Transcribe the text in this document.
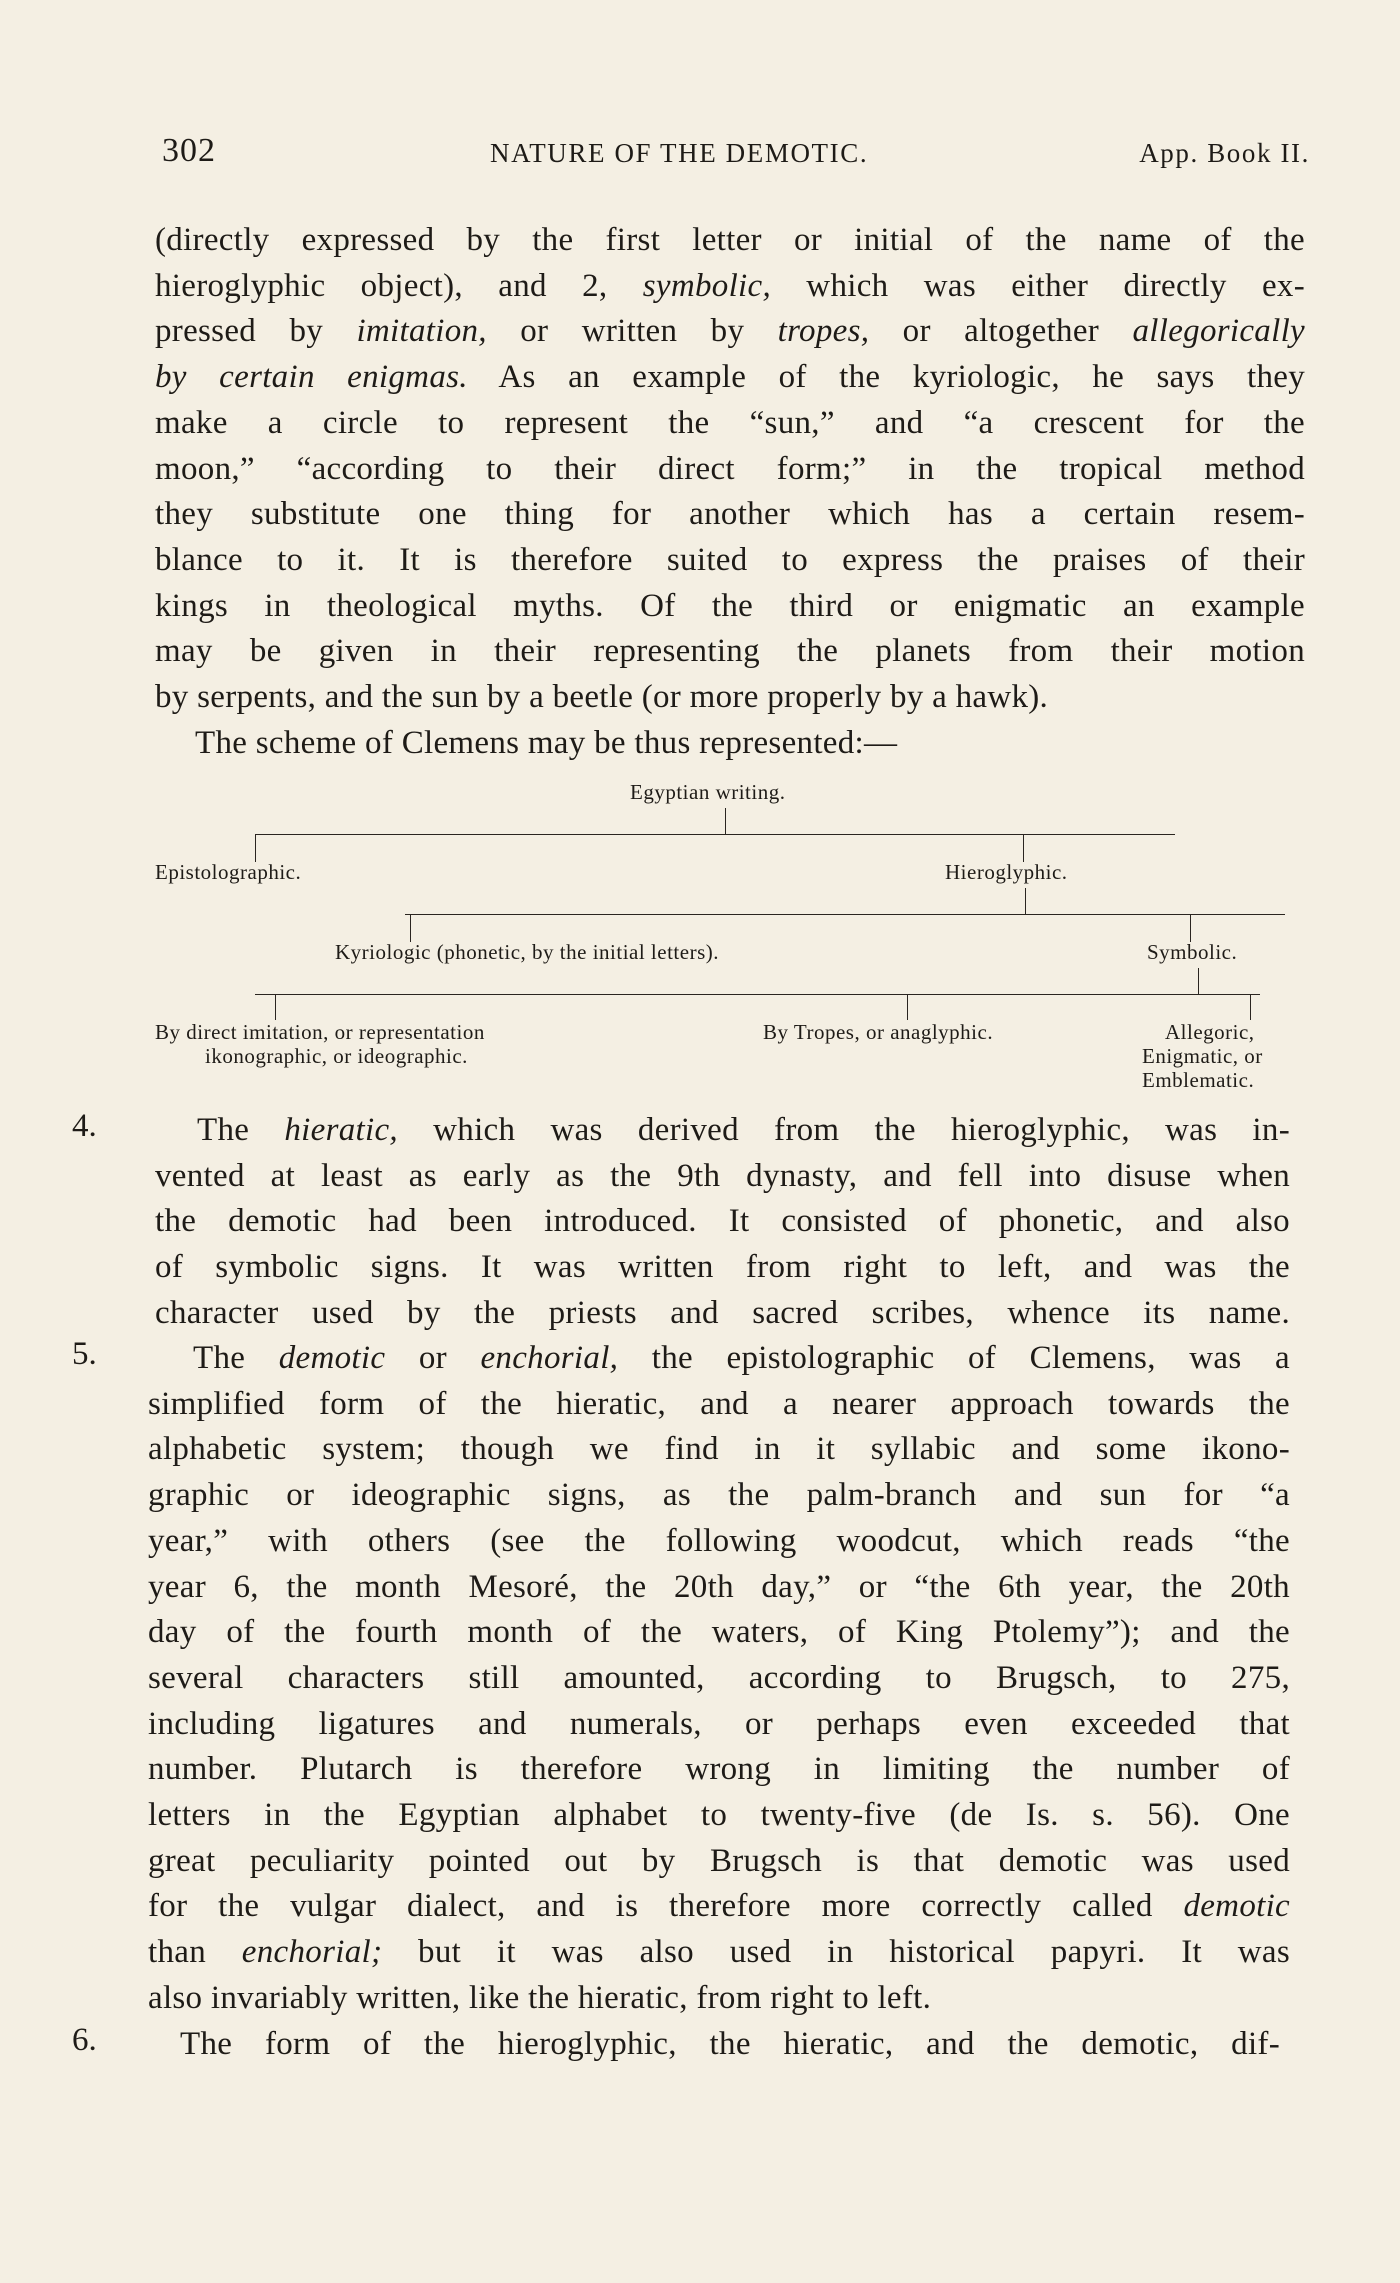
302	NATURE OF THE DEMOTIC.	App. Book II.
(directly expressed by the first letter or initial of the name of the
hieroglyphic object), and 2, symbolic, which was either directly ex-
pressed by imitation, or written by tropes, or altogether allegorically
by certain enigmas. As an example of the kyriologic, he says they
make a circle to represent the “sun,” and “a crescent for the
moon,” “according to their direct form;” in the tropical method
they substitute one thing for another which has a certain resem-
blance to it. It is therefore suited to express the praises of their
kings in theological myths. Of the third or enigmatic an example
may be given in their representing the planets from their motion
by serpents, and the sun by a beetle (or more properly by a hawk).
The scheme of Clemens may be thus represented:—
Egyptian writing.
Epistolographic.	Hieroglyphic.
Kyriologic (phonetic, by the initial letters).	Symbolic.
By direct imitation, or representation
ikonographic, or ideographic.
By Tropes, or anaglyphic.	Allegoric,
Enigmatic, or
Emblematic.
4.	The hieratic, which was derived from the hieroglyphic, was in-
vented at least as early as the 9th dynasty, and fell into disuse when
the demotic had been introduced. It consisted of phonetic, and also
of symbolic signs. It was written from right to left, and was the
character used by the priests and sacred scribes, whence its name.
5.	The demotic or enchorial, the epistolographic of Clemens, was a
simplified form of the hieratic, and a nearer approach towards the
alphabetic system; though we find in it syllabic and some ikono-
graphic or ideographic signs, as the palm-branch and sun for “a
year,” with others (see the following woodcut, which reads “the
year 6, the month Mesoré, the 20th day,” or “the 6th year, the 20th
day of the fourth month of the waters, of King Ptolemy”); and the
several characters still amounted, according to Brugsch, to 275,
including ligatures and numerals, or perhaps even exceeded that
number. Plutarch is therefore wrong in limiting the number of
letters in the Egyptian alphabet to twenty-five (de Is. s. 56). One
great peculiarity pointed out by Brugsch is that demotic was used
for the vulgar dialect, and is therefore more correctly called demotic
than enchorial; but it was also used in historical papyri. It was
also invariably written, like the hieratic, from right to left.
6.	The form of the hieroglyphic, the hieratic, and the demotic, dif-
